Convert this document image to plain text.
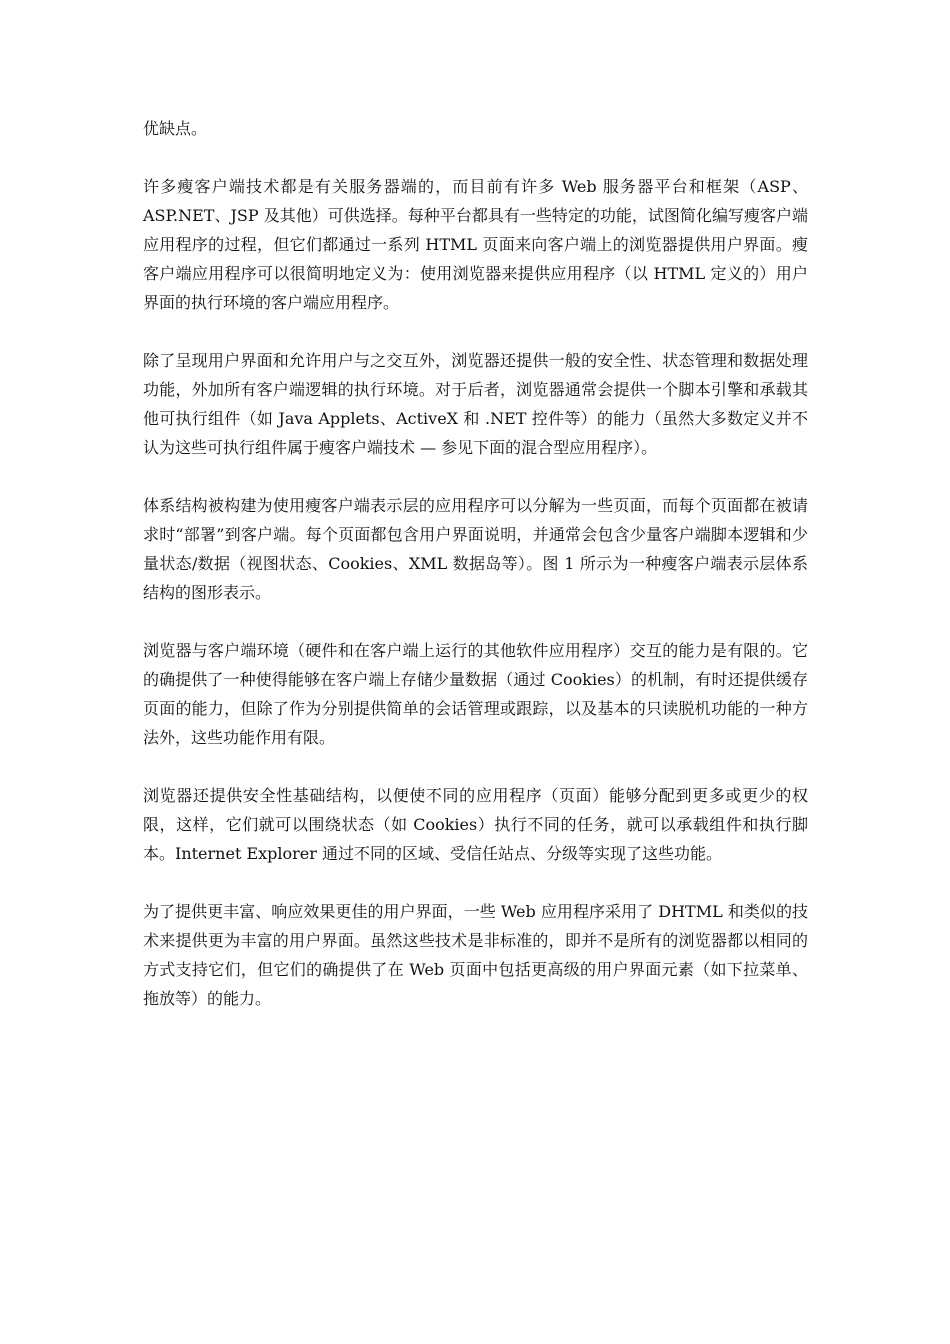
优缺点。

许多瘦客户端技术都是有关服务器端的，而目前有许多 Web 服务器平台和框架（ASP、ASP.NET、JSP 及其他）可供选择。每种平台都具有一些特定的功能，试图简化编写瘦客户端应用程序的过程，但它们都通过一系列 HTML 页面来向客户端上的浏览器提供用户界面。瘦客户端应用程序可以很简明地定义为：使用浏览器来提供应用程序（以 HTML 定义的）用户界面的执行环境的客户端应用程序。

除了呈现用户界面和允许用户与之交互外，浏览器还提供一般的安全性、状态管理和数据处理功能，外加所有客户端逻辑的执行环境。对于后者，浏览器通常会提供一个脚本引擎和承载其他可执行组件（如 Java Applets、ActiveX 和 .NET 控件等）的能力（虽然大多数定义并不认为这些可执行组件属于瘦客户端技术 — 参见下面的混合型应用程序）。

体系结构被构建为使用瘦客户端表示层的应用程序可以分解为一些页面，而每个页面都在被请求时“部署”到客户端。每个页面都包含用户界面说明，并通常会包含少量客户端脚本逻辑和少量状态/数据（视图状态、Cookies、XML 数据岛等）。图 1 所示为一种瘦客户端表示层体系结构的图形表示。

浏览器与客户端环境（硬件和在客户端上运行的其他软件应用程序）交互的能力是有限的。它的确提供了一种使得能够在客户端上存储少量数据（通过 Cookies）的机制，有时还提供缓存页面的能力，但除了作为分别提供简单的会话管理或跟踪，以及基本的只读脱机功能的一种方法外，这些功能作用有限。

浏览器还提供安全性基础结构，以便使不同的应用程序（页面）能够分配到更多或更少的权限，这样，它们就可以围绕状态（如 Cookies）执行不同的任务，就可以承载组件和执行脚本。Internet Explorer 通过不同的区域、受信任站点、分级等实现了这些功能。

为了提供更丰富、响应效果更佳的用户界面，一些 Web 应用程序采用了 DHTML 和类似的技术来提供更为丰富的用户界面。虽然这些技术是非标准的，即并不是所有的浏览器都以相同的方式支持它们，但它们的确提供了在 Web 页面中包括更高级的用户界面元素（如下拉菜单、拖放等）的能力。
